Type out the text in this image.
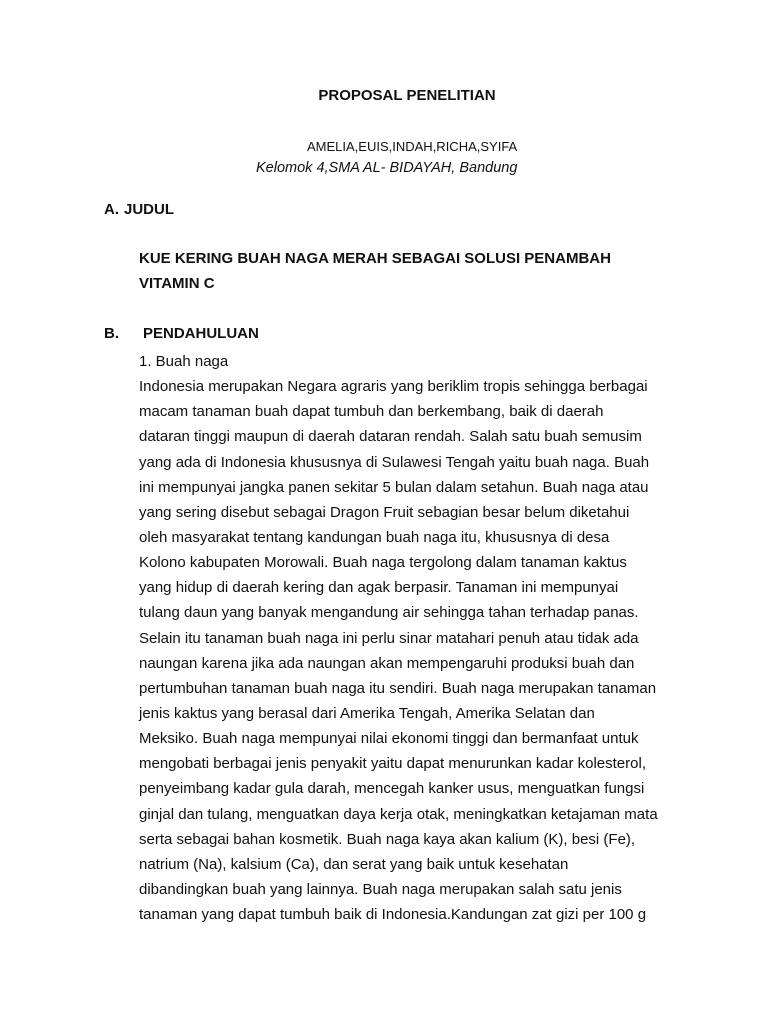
PROPOSAL PENELITIAN
AMELIA,EUIS,INDAH,RICHA,SYIFA
Kelomok 4,SMA AL- BIDAYAH, Bandung
A. JUDUL
KUE KERING BUAH NAGA MERAH SEBAGAI SOLUSI PENAMBAH
VITAMIN C
B. PENDAHULUAN
1. Buah naga
Indonesia merupakan Negara agraris yang beriklim tropis sehingga berbagai
macam tanaman buah dapat tumbuh dan berkembang, baik di daerah
dataran tinggi maupun di daerah dataran rendah. Salah satu buah semusim
yang ada di Indonesia khususnya di Sulawesi Tengah yaitu buah naga. Buah
ini mempunyai jangka panen sekitar 5 bulan dalam setahun. Buah naga atau
yang sering disebut sebagai Dragon Fruit sebagian besar belum diketahui
oleh masyarakat tentang kandungan buah naga itu, khususnya di desa
Kolono kabupaten Morowali. Buah naga tergolong dalam tanaman kaktus
yang hidup di daerah kering dan agak berpasir. Tanaman ini mempunyai
tulang daun yang banyak mengandung air sehingga tahan terhadap panas.
Selain itu tanaman buah naga ini perlu sinar matahari penuh atau tidak ada
naungan karena jika ada naungan akan mempengaruhi produksi buah dan
pertumbuhan tanaman buah naga itu sendiri. Buah naga merupakan tanaman
jenis kaktus yang berasal dari Amerika Tengah, Amerika Selatan dan
Meksiko. Buah naga mempunyai nilai ekonomi tinggi dan bermanfaat untuk
mengobati berbagai jenis penyakit yaitu dapat menurunkan kadar kolesterol,
penyeimbang kadar gula darah, mencegah kanker usus, menguatkan fungsi
ginjal dan tulang, menguatkan daya kerja otak, meningkatkan ketajaman mata
serta sebagai bahan kosmetik. Buah naga kaya akan kalium (K), besi (Fe),
natrium (Na), kalsium (Ca), dan serat yang baik untuk kesehatan
dibandingkan buah yang lainnya. Buah naga merupakan salah satu jenis
tanaman yang dapat tumbuh baik di Indonesia.Kandungan zat gizi per 100 g
